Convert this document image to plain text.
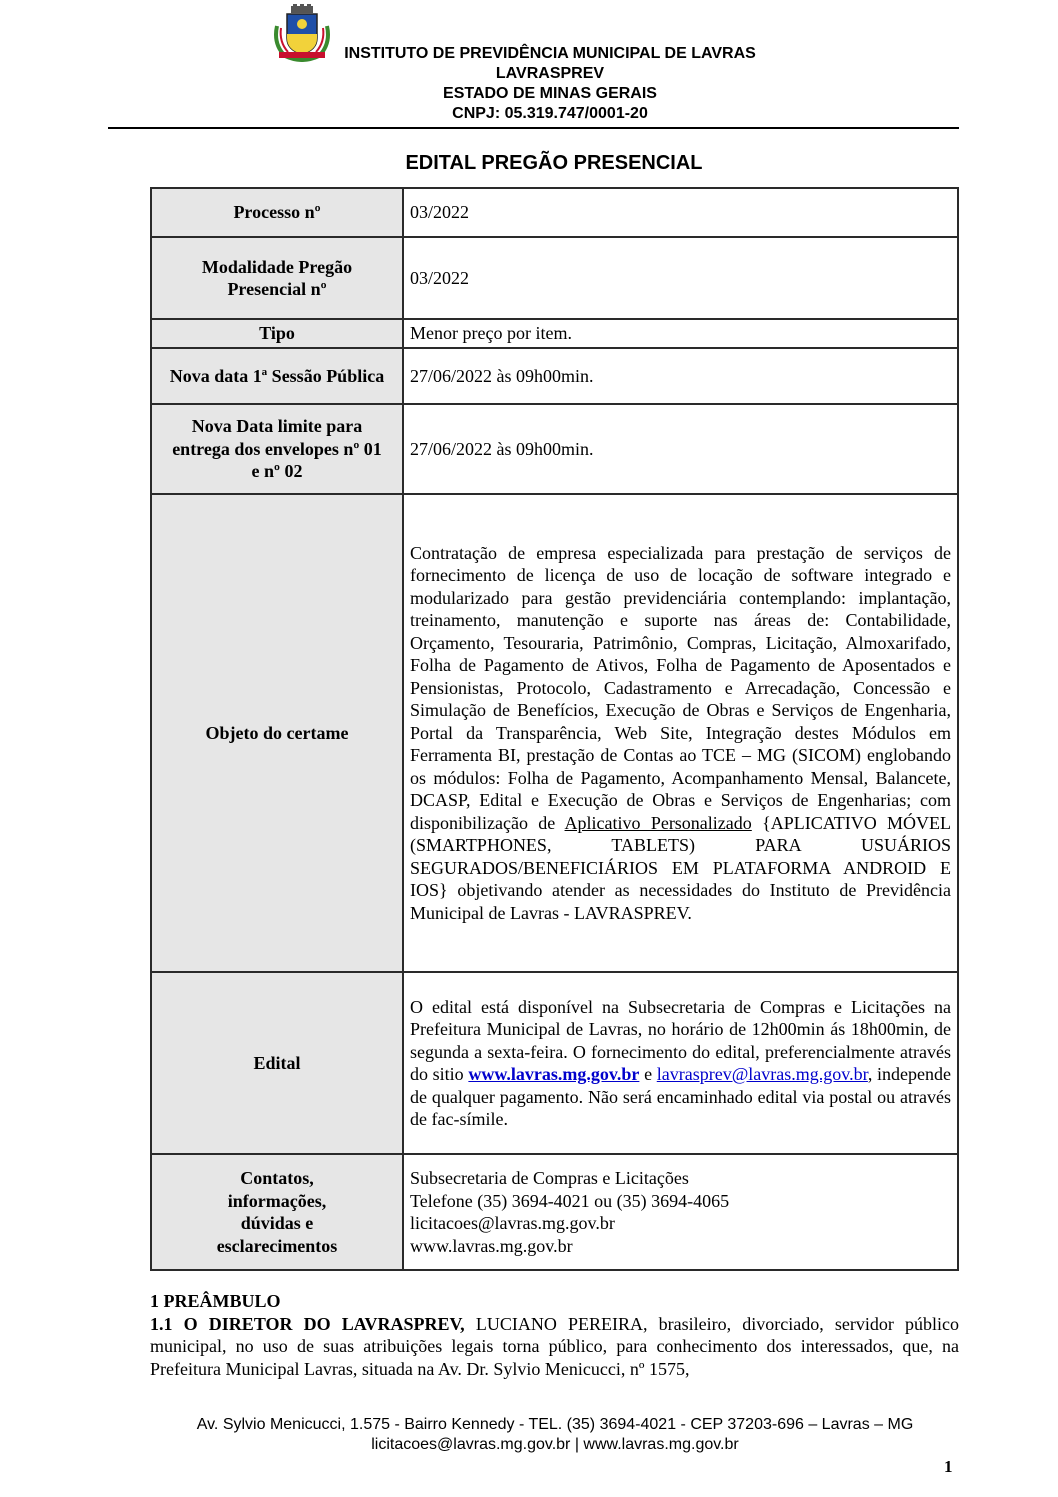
INSTITUTO DE PREVIDÊNCIA MUNICIPAL DE LAVRAS
LAVRASPREV
ESTADO DE MINAS GERAIS
CNPJ: 05.319.747/0001-20
EDITAL PREGÃO PRESENCIAL
Processo nº	03/2022

Modalidade Pregão
Presencial nº	03/2022
Tipo	Menor preço por item.
Nova data 1ª Sessão Pública	27/06/2022 às 09h00min.

Nova Data limite para
entrega dos envelopes nº 01
e nº 02	27/06/2022 às 09h00min.
Objeto do certame	Contratação de empresa especializada para prestação de serviços de fornecimento de licença de uso de locação de software integrado e modularizado para gestão previdenciária contemplando: implantação, treinamento, manutenção e suporte nas áreas de: Contabilidade, Orçamento, Tesouraria, Patrimônio, Compras, Licitação, Almoxarifado, Folha de Pagamento de Ativos, Folha de Pagamento de Aposentados e Pensionistas, Protocolo, Cadastramento e Arrecadação, Concessão e Simulação de Benefícios, Execução de Obras e Serviços de Engenharia, Portal da Transparência, Web Site, Integração destes Módulos em Ferramenta BI, prestação de Contas ao TCE – MG (SICOM) englobando os módulos: Folha de Pagamento, Acompanhamento Mensal, Balancete, DCASP, Edital e Execução de Obras e Serviços de Engenharias; com disponibilização de Aplicativo Personalizado {APLICATIVO MÓVEL (SMARTPHONES, TABLETS) PARA USUÁRIOS SEGURADOS/BENEFICIÁRIOS EM PLATAFORMA ANDROID E IOS} objetivando atender as necessidades do Instituto de Previdência Municipal de Lavras - LAVRASPREV.
Edital	O edital está disponível na Subsecretaria de Compras e Licitações na Prefeitura Municipal de Lavras, no horário de 12h00min ás 18h00min, de segunda a sexta-feira. O fornecimento do edital, preferencialmente através do sitio www.lavras.mg.gov.br e lavrasprev@lavras.mg.gov.br, independe de qualquer pagamento. Não será encaminhado edital via postal ou através de fac-símile.

Contatos,
informações,
dúvidas e
esclarecimentos	Subsecretaria de Compras e Licitações
Telefone (35) 3694-4021 ou (35) 3694-4065
licitacoes@lavras.mg.gov.br
www.lavras.mg.gov.br

1 PREÂMBULO

1.1 O DIRETOR DO LAVRASPREV, LUCIANO PEREIRA, brasileiro, divorciado, servidor público municipal, no uso de suas atribuições legais torna público, para conhecimento dos interessados, que, na Prefeitura Municipal Lavras, situada na Av. Dr. Sylvio Menicucci, nº 1575,

Av. Sylvio Menicucci, 1.575 - Bairro Kennedy - TEL. (35) 3694-4021 - CEP 37203-696 – Lavras – MG
licitacoes@lavras.mg.gov.br | www.lavras.mg.gov.br
1
